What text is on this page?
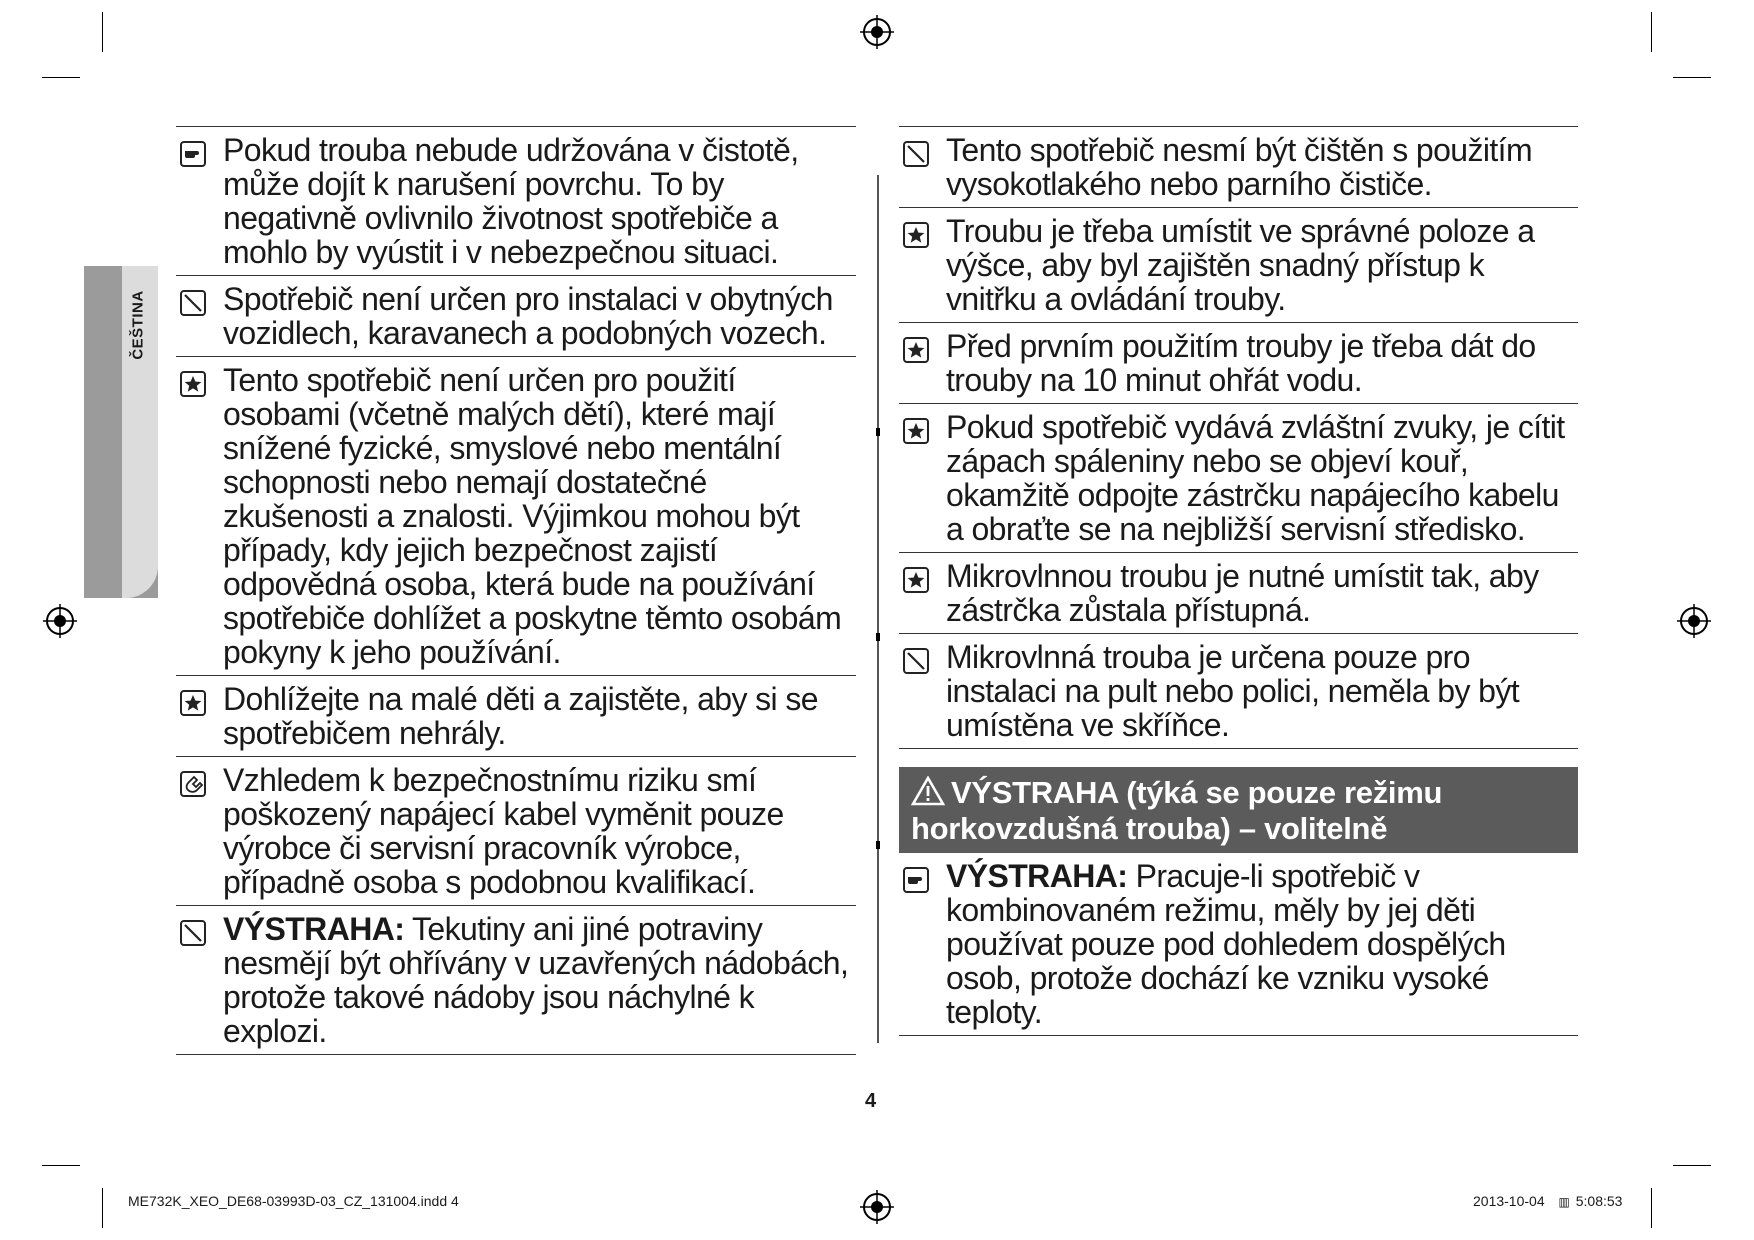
ČEŠTINA
Pokud trouba nebude udržována v čistotě, může dojít k narušení povrchu. To by negativně ovlivnilo životnost spotřebiče a mohlo by vyústit i v nebezpečnou situaci.
Spotřebič není určen pro instalaci v obytných vozidlech, karavanech a podobných vozech.
Tento spotřebič není určen pro použití osobami (včetně malých dětí), které mají snížené fyzické, smyslové nebo mentální schopnosti nebo nemají dostatečné zkušenosti a znalosti. Výjimkou mohou být případy, kdy jejich bezpečnost zajistí odpovědná osoba, která bude na používání spotřebiče dohlížet a poskytne těmto osobám pokyny k jeho používání.
Dohlížejte na malé děti a zajistěte, aby si se spotřebičem nehrály.
Vzhledem k bezpečnostnímu riziku smí poškozený napájecí kabel vyměnit pouze výrobce či servisní pracovník výrobce, případně osoba s podobnou kvalifikací.
VÝSTRAHA: Tekutiny ani jiné potraviny nesmějí být ohřívány v uzavřených nádobách, protože takové nádoby jsou náchylné k explozi.
Tento spotřebič nesmí být čištěn s použitím vysokotlakého nebo parního čističe.
Troubu je třeba umístit ve správné poloze a výšce, aby byl zajištěn snadný přístup k vnitřku a ovládání trouby.
Před prvním použitím trouby je třeba dát do trouby na 10 minut ohřát vodu.
Pokud spotřebič vydává zvláštní zvuky, je cítit zápach spáleniny nebo se objeví kouř, okamžitě odpojte zástrčku napájecího kabelu a obraťte se na nejbližší servisní středisko.
Mikrovlnnou troubu je nutné umístit tak, aby zástrčka zůstala přístupná.
Mikrovlnná trouba je určena pouze pro instalaci na pult nebo polici, neměla by být umístěna ve skříňce.
VÝSTRAHA (týká se pouze režimu horkovzdušná trouba) – volitelně
VÝSTRAHA: Pracuje-li spotřebič v kombinovaném režimu, měly by jej děti používat pouze pod dohledem dospělých osob, protože dochází ke vzniku vysoké teploty.
4
ME732K_XEO_DE68-03993D-03_CZ_131004.indd 4	2013-10-04 ▥ 5:08:53
